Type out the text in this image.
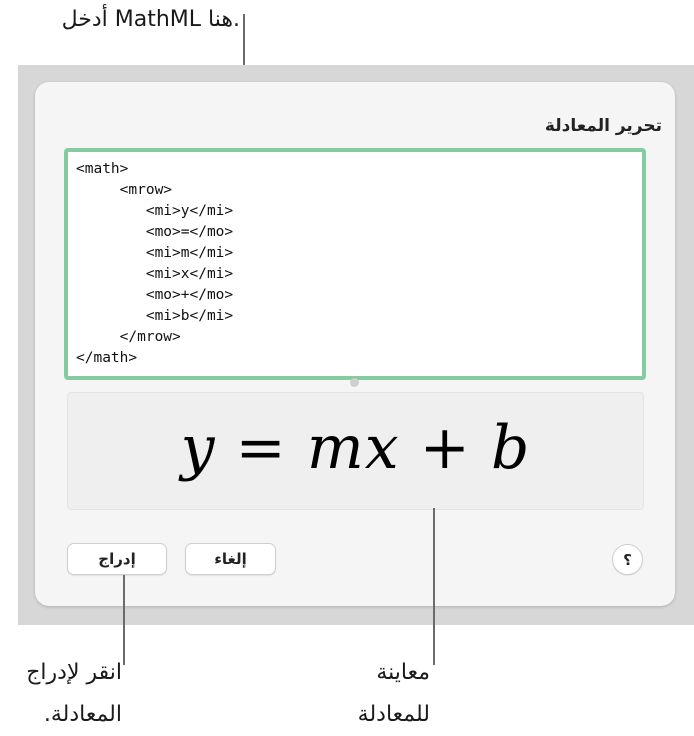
أدخل MathML هنا.
تحرير المعادلة
<math>
<mrow>
<mi>y</mi>
<mo>=</mo>
<mi>m</mi>
<mi>x</mi>
<mo>+</mo>
<mi>b</mi>
</mrow>
</math>
y = mx + b
إدراج	إلغاء	؟
انقر لإدراج المعادلة.
معاينة للمعادلة
